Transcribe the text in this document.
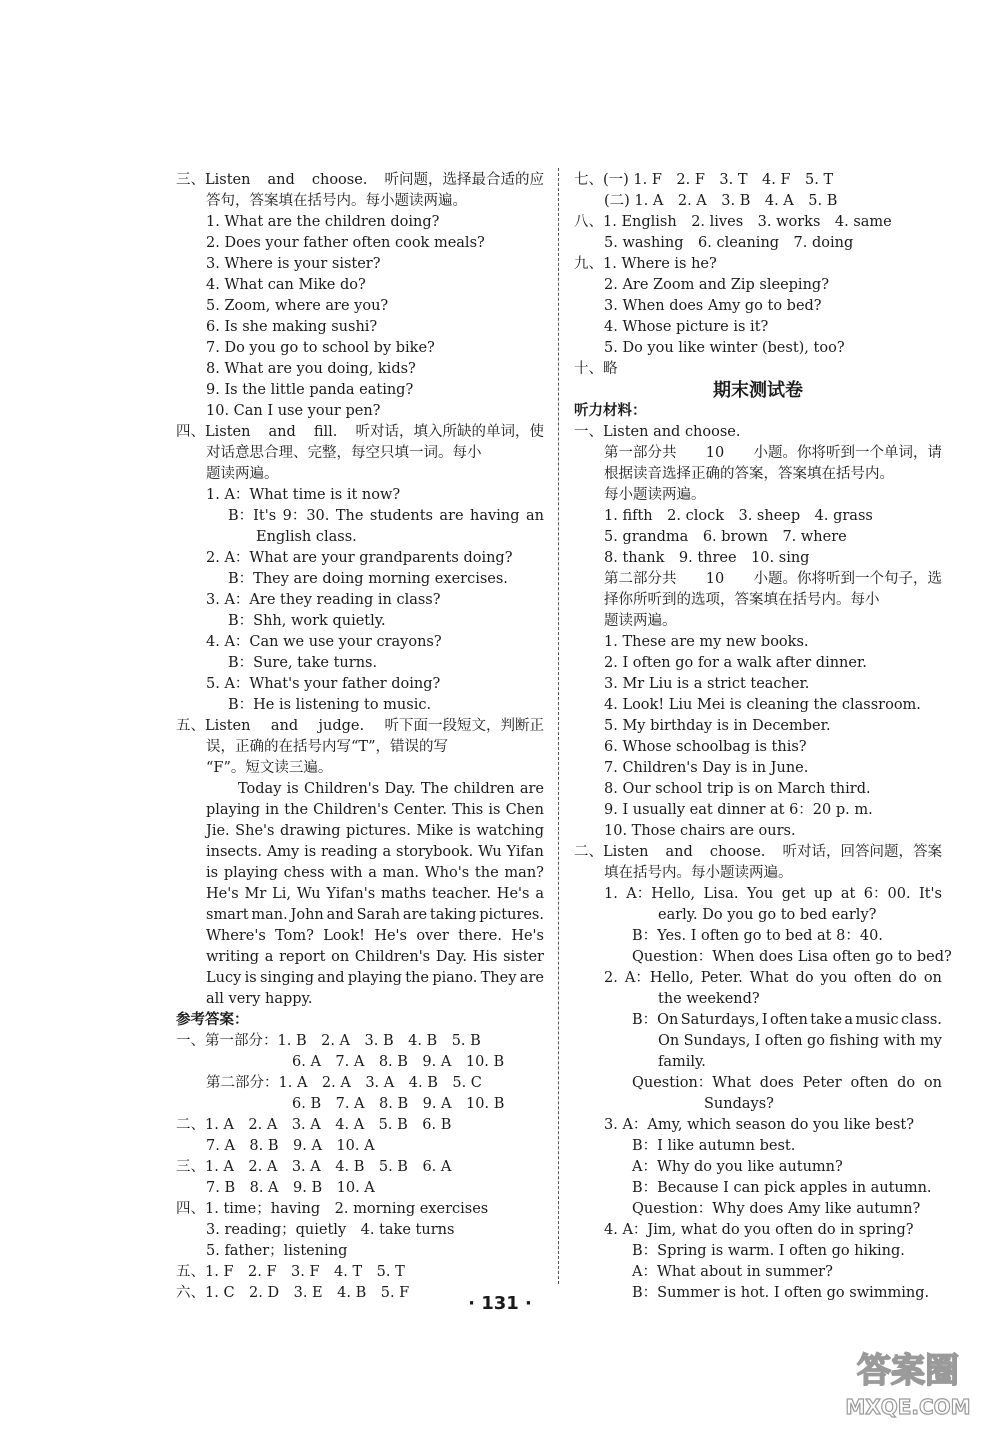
三、Listen and choose. 听问题，选择最合适的应
答句，答案填在括号内。每小题读两遍。
1. What are the children doing?
2. Does your father often cook meals?
3. Where is your sister?
4. What can Mike do?
5. Zoom, where are you?
6. Is she making sushi?
7. Do you go to school by bike?
8. What are you doing, kids?
9. Is the little panda eating?
10. Can I use your pen?
四、Listen and fill. 听对话，填入所缺的单词，使
对话意思合理、完整，每空只填一词。每小
题读两遍。
1. A：What time is it now?
B：It's 9：30. The students are having an
English class.
2. A：What are your grandparents doing?
B：They are doing morning exercises.
3. A：Are they reading in class?
B：Shh, work quietly.
4. A：Can we use your crayons?
B：Sure, take turns.
5. A：What's your father doing?
B：He is listening to music.
五、Listen and judge. 听下面一段短文，判断正
误，正确的在括号内写“T”，错误的写
“F”。短文读三遍。
Today is Children's Day. The children are
playing in the Children's Center. This is Chen
Jie. She's drawing pictures. Mike is watching
insects. Amy is reading a storybook. Wu Yifan
is playing chess with a man. Who's the man?
He's Mr Li, Wu Yifan's maths teacher. He's a
smart man. John and Sarah are taking pictures.
Where's Tom? Look! He's over there. He's
writing a report on Children's Day. His sister
Lucy is singing and playing the piano. They are
all very happy.
参考答案：
一、第一部分：1. B　2. A　3. B　4. B　5. B
6. A　7. A　8. B　9. A　10. B
第二部分：1. A　2. A　3. A　4. B　5. C
6. B　7. A　8. B　9. A　10. B
二、1. A　2. A　3. A　4. A　5. B　6. B
7. A　8. B　9. A　10. A
三、1. A　2. A　3. A　4. B　5. B　6. A
7. B　8. A　9. B　10. A
四、1. time；having　2. morning exercises
3. reading；quietly　4. take turns
5. father；listening
五、1. F　2. F　3. F　4. T　5. T
六、1. C　2. D　3. E　4. B　5. F
七、(一) 1. F　2. F　3. T　4. F　5. T
(二) 1. A　2. A　3. B　4. A　5. B
八、1. English　2. lives　3. works　4. same
5. washing　6. cleaning　7. doing
九、1. Where is he?
2. Are Zoom and Zip sleeping?
3. When does Amy go to bed?
4. Whose picture is it?
5. Do you like winter (best), too?
十、略
期末测试卷
听力材料：
一、Listen and choose.
第一部分共 10 小题。你将听到一个单词，请
根据读音选择正确的答案，答案填在括号内。
每小题读两遍。
1. fifth　2. clock　3. sheep　4. grass
5. grandma　6. brown　7. where
8. thank　9. three　10. sing
第二部分共 10 小题。你将听到一个句子，选
择你所听到的选项，答案填在括号内。每小
题读两遍。
1. These are my new books.
2. I often go for a walk after dinner.
3. Mr Liu is a strict teacher.
4. Look! Liu Mei is cleaning the classroom.
5. My birthday is in December.
6. Whose schoolbag is this?
7. Children's Day is in June.
8. Our school trip is on March third.
9. I usually eat dinner at 6：20 p. m.
10. Those chairs are ours.
二、Listen and choose. 听对话，回答问题，答案
填在括号内。每小题读两遍。
1. A：Hello, Lisa. You get up at 6：00. It's
early. Do you go to bed early?
B：Yes. I often go to bed at 8：40.
Question：When does Lisa often go to bed?
2. A：Hello, Peter. What do you often do on
the weekend?
B：On Saturdays, I often take a music class.
On Sundays, I often go fishing with my
family.
Question：What does Peter often do on
Sundays?
3. A：Amy, which season do you like best?
B：I like autumn best.
A：Why do you like autumn?
B：Because I can pick apples in autumn.
Question：Why does Amy like autumn?
4. A：Jim, what do you often do in spring?
B：Spring is warm. I often go hiking.
A：What about in summer?
B：Summer is hot. I often go swimming.
· 131 ·
答案圈
MXQE.COM
